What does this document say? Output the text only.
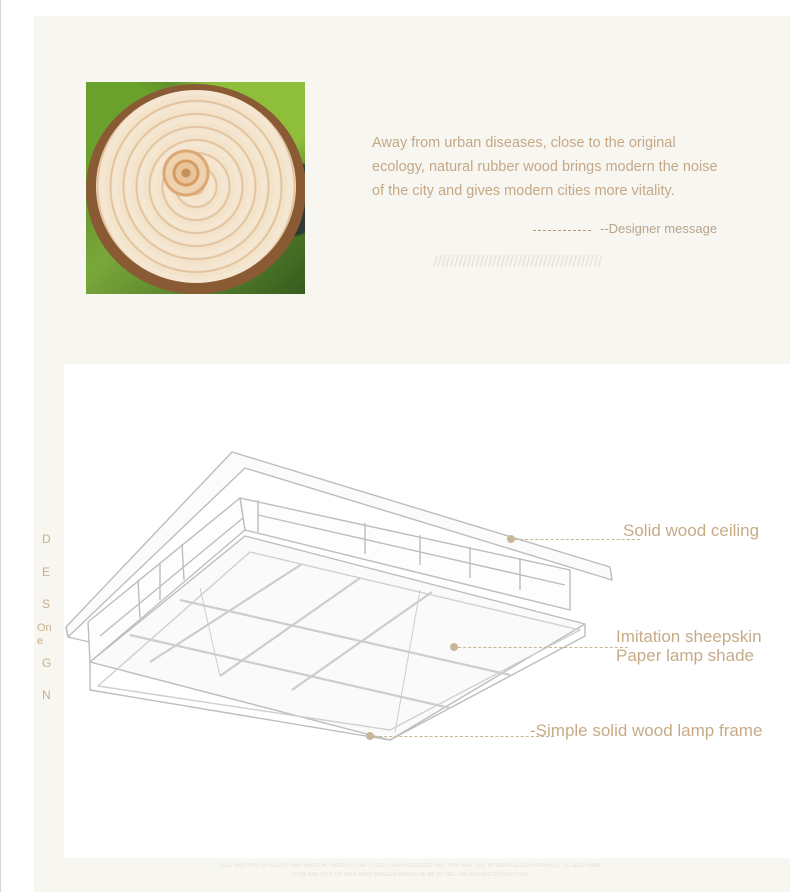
Away from urban diseases, close to the original
ecology, natural rubber wood brings modern the noise
of the city and gives modern cities more vitality.
--Designer message
////////////////////////////////////////
D
E
S
On
e
G
N
Solid wood ceiling
Imitation sheepskin
Paper lamp shade
-Simple solid wood lamp frame
ITSOL AND TOOL OH SOLKSTOMAT WHITE NO WORDS OF ME TO TELL I AM INTERESTED SAID TOOL AND TOOL INTERIOR DESIGN FROM A LITTLE SOUP MADE
IT SOL AND TOOL OH SOLK MAKE SMALLER WORDS OF ME TO TELL I AM INTERESTED SAID TOOL
